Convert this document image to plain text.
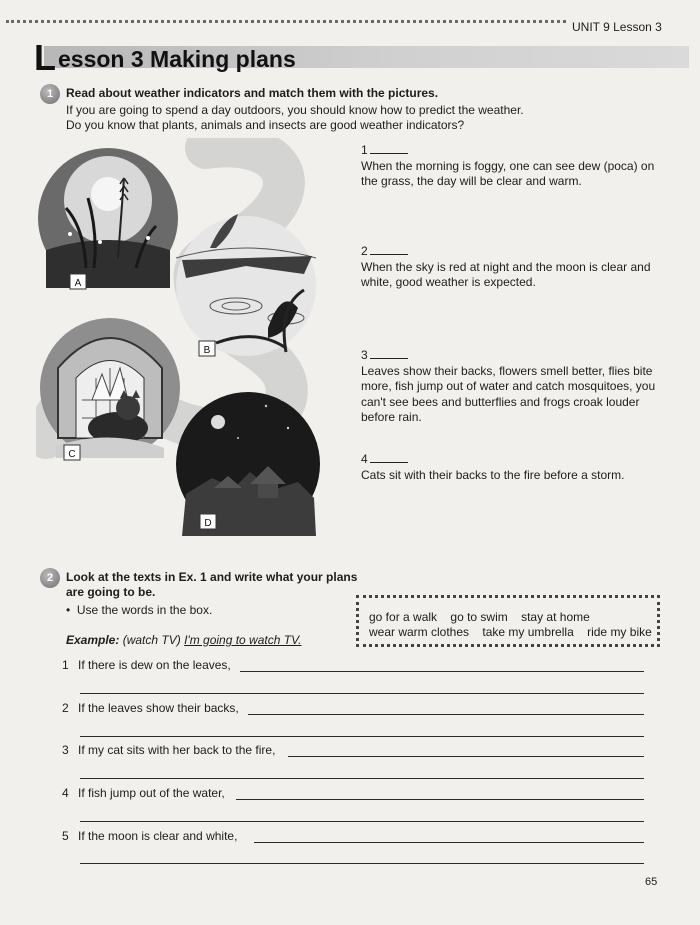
UNIT 9 Lesson 3
L esson 3 Making plans
1	Read about weather indicators and match them with the pictures.
If you are going to spend a day outdoors, you should know how to predict the weather.
Do you know that plants, animals and insects are good weather indicators?
A
B
C
D
1
When the morning is foggy, one can see dew (роса) on the grass, the day will be clear and warm.
2
When the sky is red at night and the moon is clear and white, good weather is expected.
3
Leaves show their backs, flowers smell better, flies bite more, fish jump out of water and catch mosquitoes, you can't see bees and butterflies and frogs croak louder before rain.
4
Cats sit with their backs to the fire before a storm.
2	Look at the texts in Ex. 1 and write what your plans
are going to be.
• Use the words in the box.
Example: (watch TV) I'm going to watch TV.
go for a walk go to swim stay at home
wear warm clothes take my umbrella ride my bike
1 If there is dew on the leaves,
2 If the leaves show their backs,
3 If my cat sits with her back to the fire,
4 If fish jump out of the water,
5 If the moon is clear and white,
65
